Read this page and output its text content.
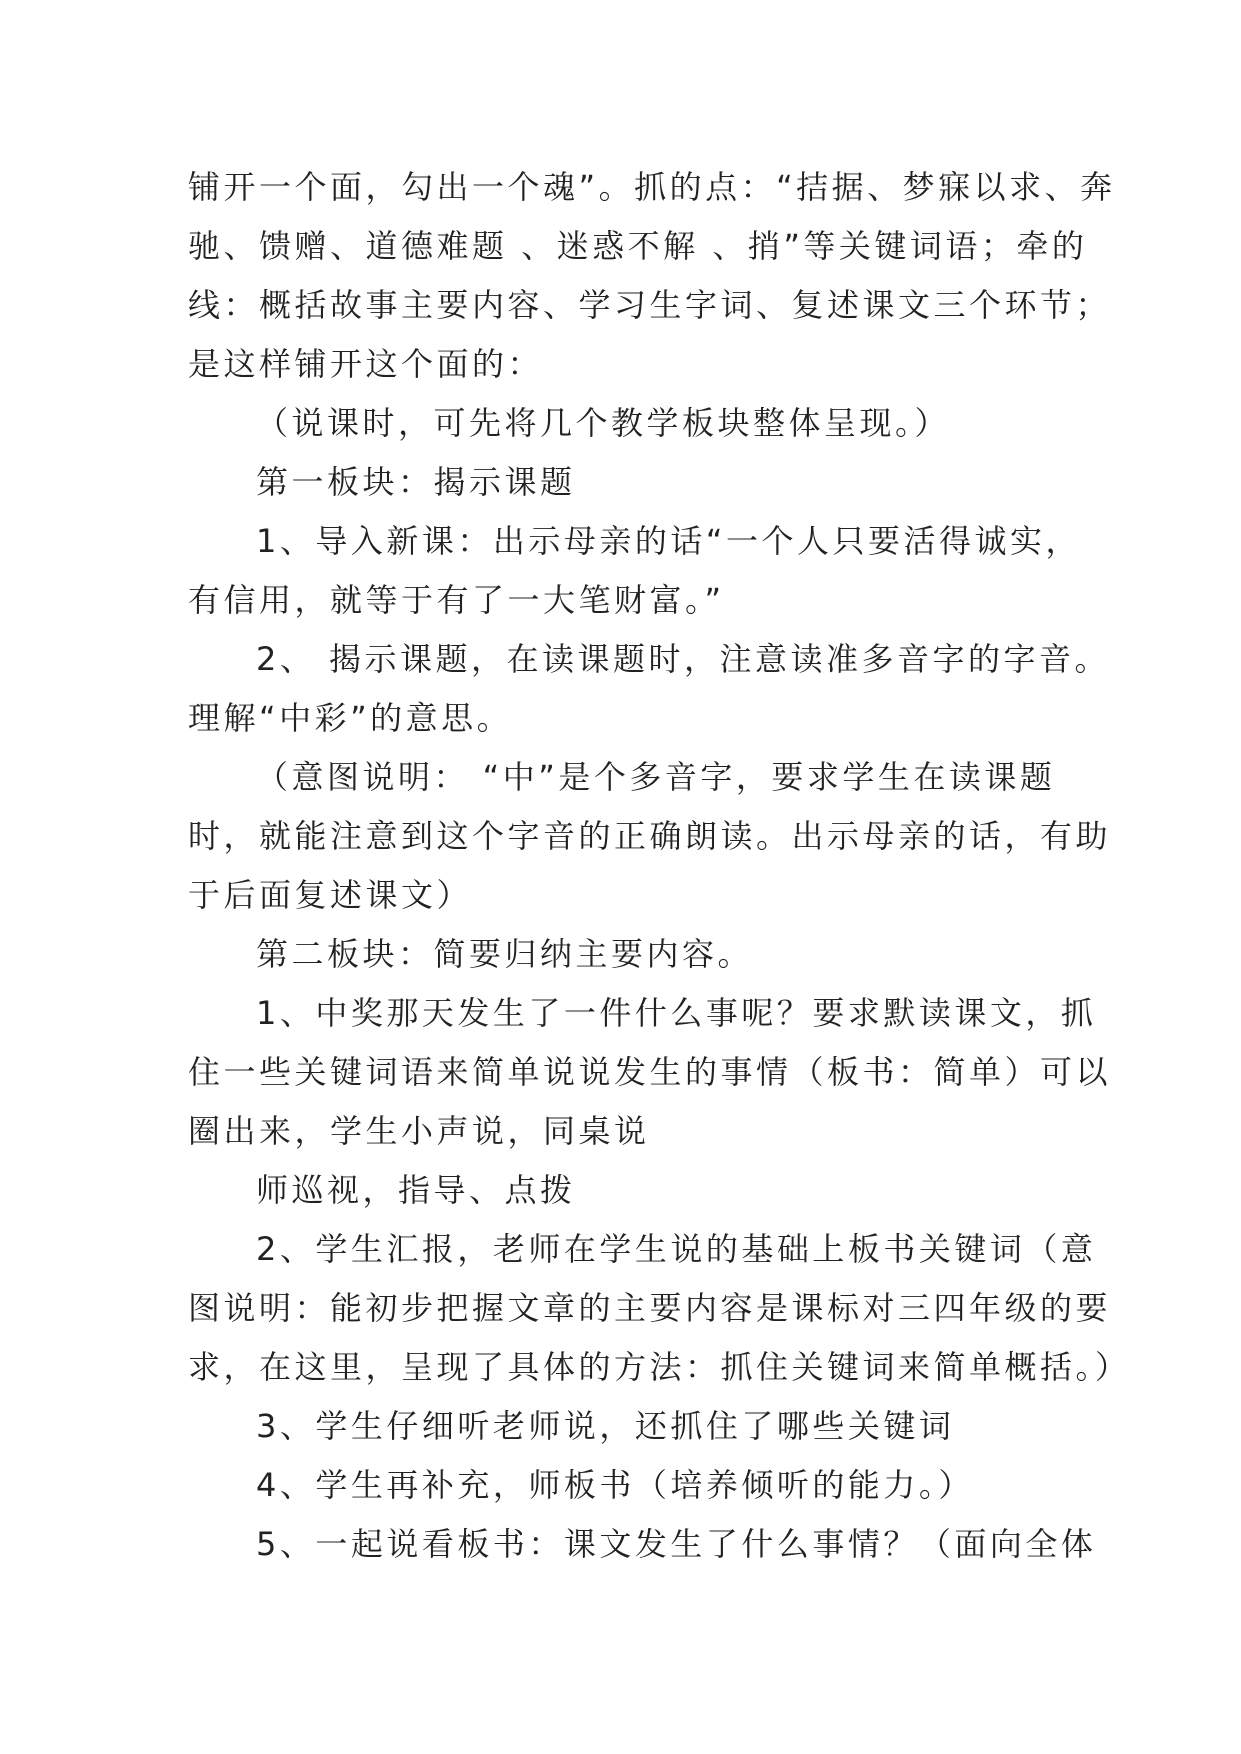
铺开一个面，勾出一个魂”。抓的点：“拮据、梦寐以求、奔
驰、馈赠、道德难题 、迷惑不解 、捎”等关键词语；牵的
线：概括故事主要内容、学习生字词、复述课文三个环节；
是这样铺开这个面的：
（说课时，可先将几个教学板块整体呈现。）
第一板块：揭示课题
1、导入新课：出示母亲的话“一个人只要活得诚实，
有信用，就等于有了一大笔财富。”
2、 揭示课题，在读课题时，注意读准多音字的字音。
理解“中彩”的意思。
（意图说明： “中”是个多音字，要求学生在读课题
时，就能注意到这个字音的正确朗读。出示母亲的话，有助
于后面复述课文）
第二板块：简要归纳主要内容。
1、中奖那天发生了一件什么事呢？要求默读课文，抓
住一些关键词语来简单说说发生的事情（板书：简单）可以
圈出来，学生小声说，同桌说
师巡视，指导、点拨
2、学生汇报，老师在学生说的基础上板书关键词（意
图说明：能初步把握文章的主要内容是课标对三四年级的要
求，在这里，呈现了具体的方法：抓住关键词来简单概括。）
3、学生仔细听老师说，还抓住了哪些关键词
4、学生再补充，师板书（培养倾听的能力。）
5、一起说看板书：课文发生了什么事情？（面向全体
